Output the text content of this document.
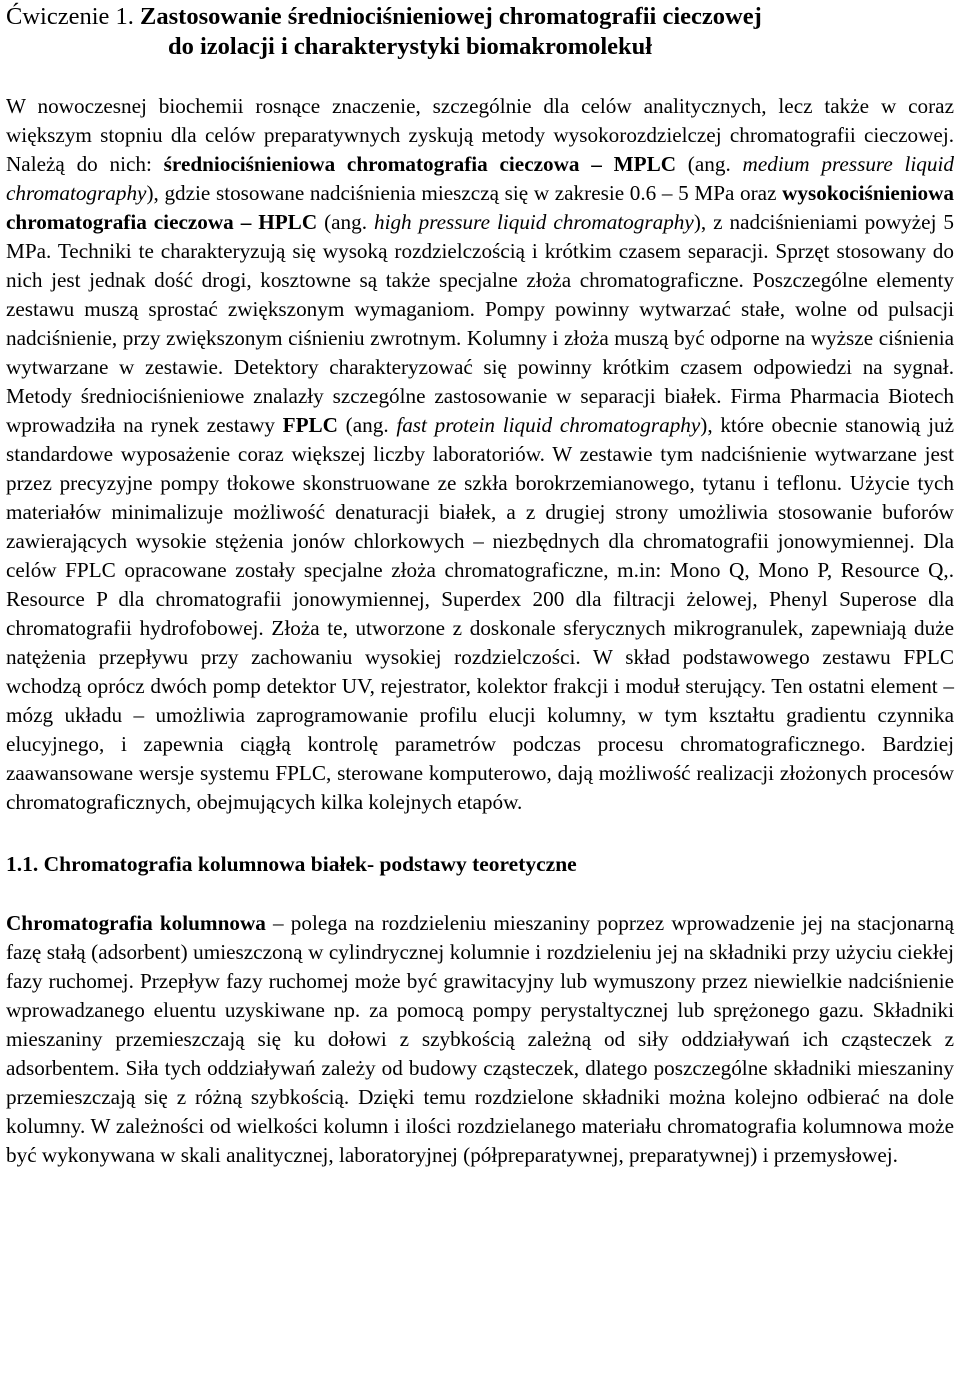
Ćwiczenie 1. Zastosowanie średniociśnieniowej chromatografii cieczowej
do izolacji i charakterystyki biomakromolekuł

W nowoczesnej biochemii rosnące znaczenie, szczególnie dla celów analitycznych, lecz także w coraz większym stopniu dla celów preparatywnych zyskują metody wysokorozdzielczej chromatografii cieczowej. Należą do nich: średniociśnieniowa chromatografia cieczowa – MPLC (ang. medium pressure liquid chromatography), gdzie stosowane nadciśnienia mieszczą się w zakresie 0.6 – 5 MPa oraz wysokociśnieniowa chromatografia cieczowa – HPLC (ang. high pressure liquid chromatography), z nadciśnieniami powyżej 5 MPa. Techniki te charakteryzują się wysoką rozdzielczością i krótkim czasem separacji. Sprzęt stosowany do nich jest jednak dość drogi, kosztowne są także specjalne złoża chromatograficzne. Poszczególne elementy zestawu muszą sprostać zwiększonym wymaganiom. Pompy powinny wytwarzać stałe, wolne od pulsacji nadciśnienie, przy zwiększonym ciśnieniu zwrotnym. Kolumny i złoża muszą być odporne na wyższe ciśnienia wytwarzane w zestawie. Detektory charakteryzować się powinny krótkim czasem odpowiedzi na sygnał. Metody średniociśnieniowe znalazły szczególne zastosowanie w separacji białek. Firma Pharmacia Biotech wprowadziła na rynek zestawy FPLC (ang. fast protein liquid chromatography), które obecnie stanowią już standardowe wyposażenie coraz większej liczby laboratoriów. W zestawie tym nadciśnienie wytwarzane jest przez precyzyjne pompy tłokowe skonstruowane ze szkła borokrzemianowego, tytanu i teflonu. Użycie tych materiałów minimalizuje możliwość denaturacji białek, a z drugiej strony umożliwia stosowanie buforów zawierających wysokie stężenia jonów chlorkowych – niezbędnych dla chromatografii jonowymiennej. Dla celów FPLC opracowane zostały specjalne złoża chromatograficzne, m.in: Mono Q, Mono P, Resource Q,. Resource P dla chromatografii jonowymiennej, Superdex 200 dla filtracji żelowej, Phenyl Superose dla chromatografii hydrofobowej. Złoża te, utworzone z doskonale sferycznych mikrogranulek, zapewniają duże natężenia przepływu przy zachowaniu wysokiej rozdzielczości. W skład podstawowego zestawu FPLC wchodzą oprócz dwóch pomp detektor UV, rejestrator, kolektor frakcji i moduł sterujący. Ten ostatni element – mózg układu – umożliwia zaprogramowanie profilu elucji kolumny, w tym kształtu gradientu czynnika elucyjnego, i zapewnia ciągłą kontrolę parametrów podczas procesu chromatograficznego. Bardziej zaawansowane wersje systemu FPLC, sterowane komputerowo, dają możliwość realizacji złożonych procesów chromatograficznych, obejmujących kilka kolejnych etapów.

1.1. Chromatografia kolumnowa białek- podstawy teoretyczne

Chromatografia kolumnowa – polega na rozdzieleniu mieszaniny poprzez wprowadzenie jej na stacjonarną fazę stałą (adsorbent) umieszczoną w cylindrycznej kolumnie i rozdzieleniu jej na składniki przy użyciu ciekłej fazy ruchomej. Przepływ fazy ruchomej może być grawitacyjny lub wymuszony przez niewielkie nadciśnienie wprowadzanego eluentu uzyskiwane np. za pomocą pompy perystaltycznej lub sprężonego gazu. Składniki mieszaniny przemieszczają się ku dołowi z szybkością zależną od siły oddziaływań ich cząsteczek z adsorbentem. Siła tych oddziaływań zależy od budowy cząsteczek, dlatego poszczególne składniki mieszaniny przemieszczają się z różną szybkością. Dzięki temu rozdzielone składniki można kolejno odbierać na dole kolumny. W zależności od wielkości kolumn i ilości rozdzielanego materiału chromatografia kolumnowa może być wykonywana w skali analitycznej, laboratoryjnej (półpreparatywnej, preparatywnej) i przemysłowej.
